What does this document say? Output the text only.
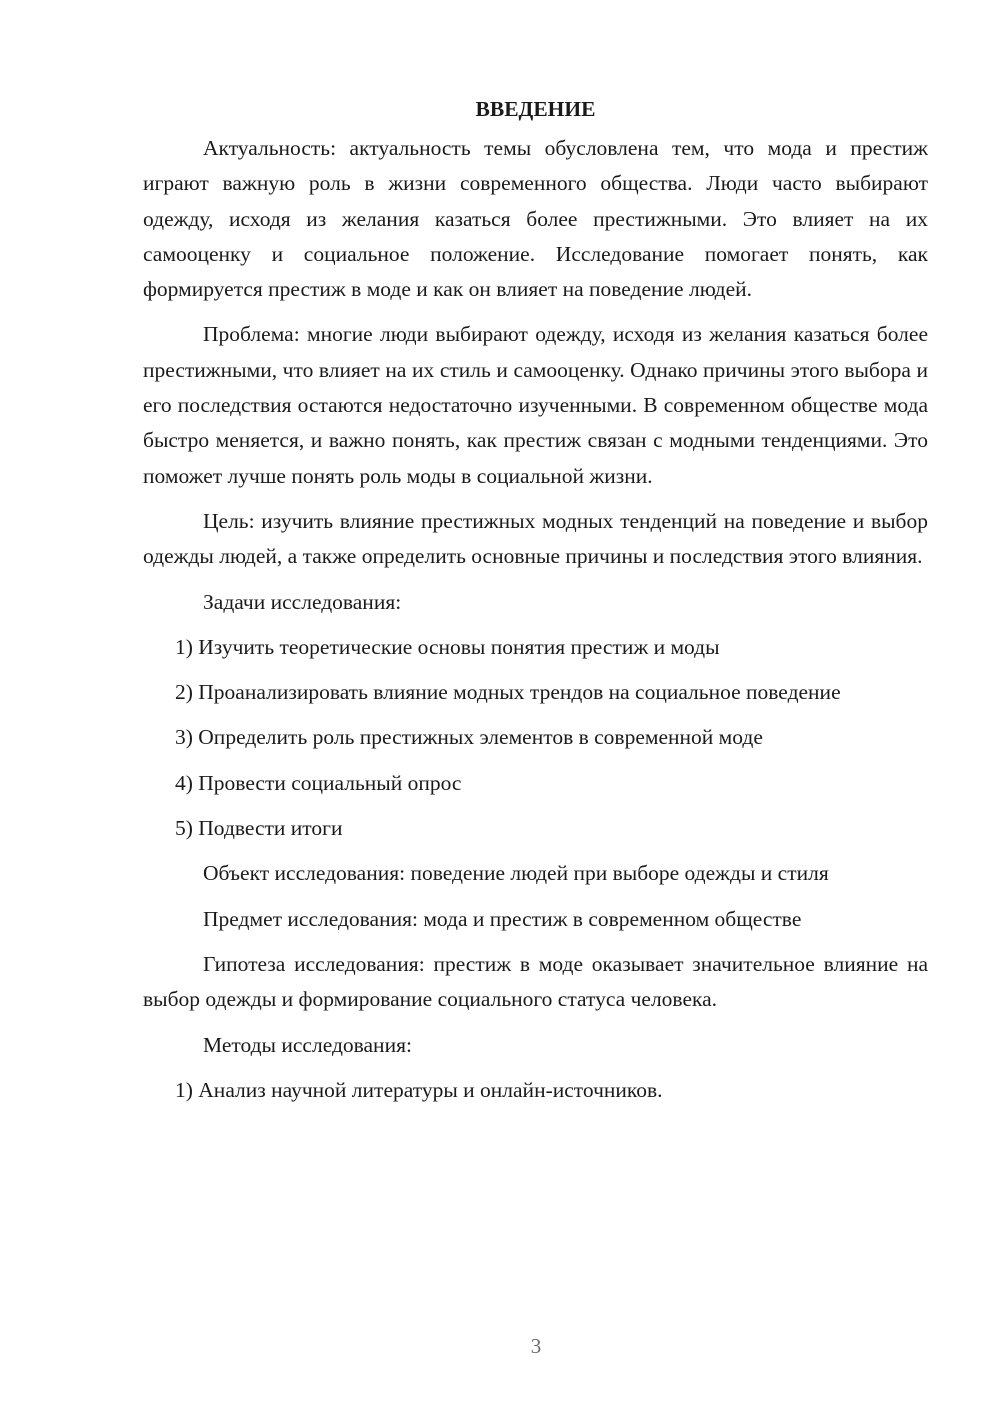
ВВЕДЕНИЕ

Актуальность: актуальность темы обусловлена тем, что мода и престиж играют важную роль в жизни современного общества. Люди часто выбирают одежду, исходя из желания казаться более престижными. Это влияет на их самооценку и социальное положение. Исследование помогает понять, как формируется престиж в моде и как он влияет на поведение людей.

Проблема: многие люди выбирают одежду, исходя из желания казаться более престижными, что влияет на их стиль и самооценку. Однако причины этого выбора и его последствия остаются недостаточно изученными. В современном обществе мода быстро меняется, и важно понять, как престиж связан с модными тенденциями. Это поможет лучше понять роль моды в социальной жизни.

Цель: изучить влияние престижных модных тенденций на поведение и выбор одежды людей, а также определить основные причины и последствия этого влияния.

Задачи исследования:

1) Изучить теоретические основы понятия престиж и моды

2) Проанализировать влияние модных трендов на социальное поведение

3) Определить роль престижных элементов в современной моде

4) Провести социальный опрос

5) Подвести итоги

Объект исследования: поведение людей при выборе одежды и стиля

Предмет исследования: мода и престиж в современном обществе

Гипотеза исследования: престиж в моде оказывает значительное влияние на выбор одежды и формирование социального статуса человека.

Методы исследования:

1) Анализ научной литературы и онлайн-источников.

3
